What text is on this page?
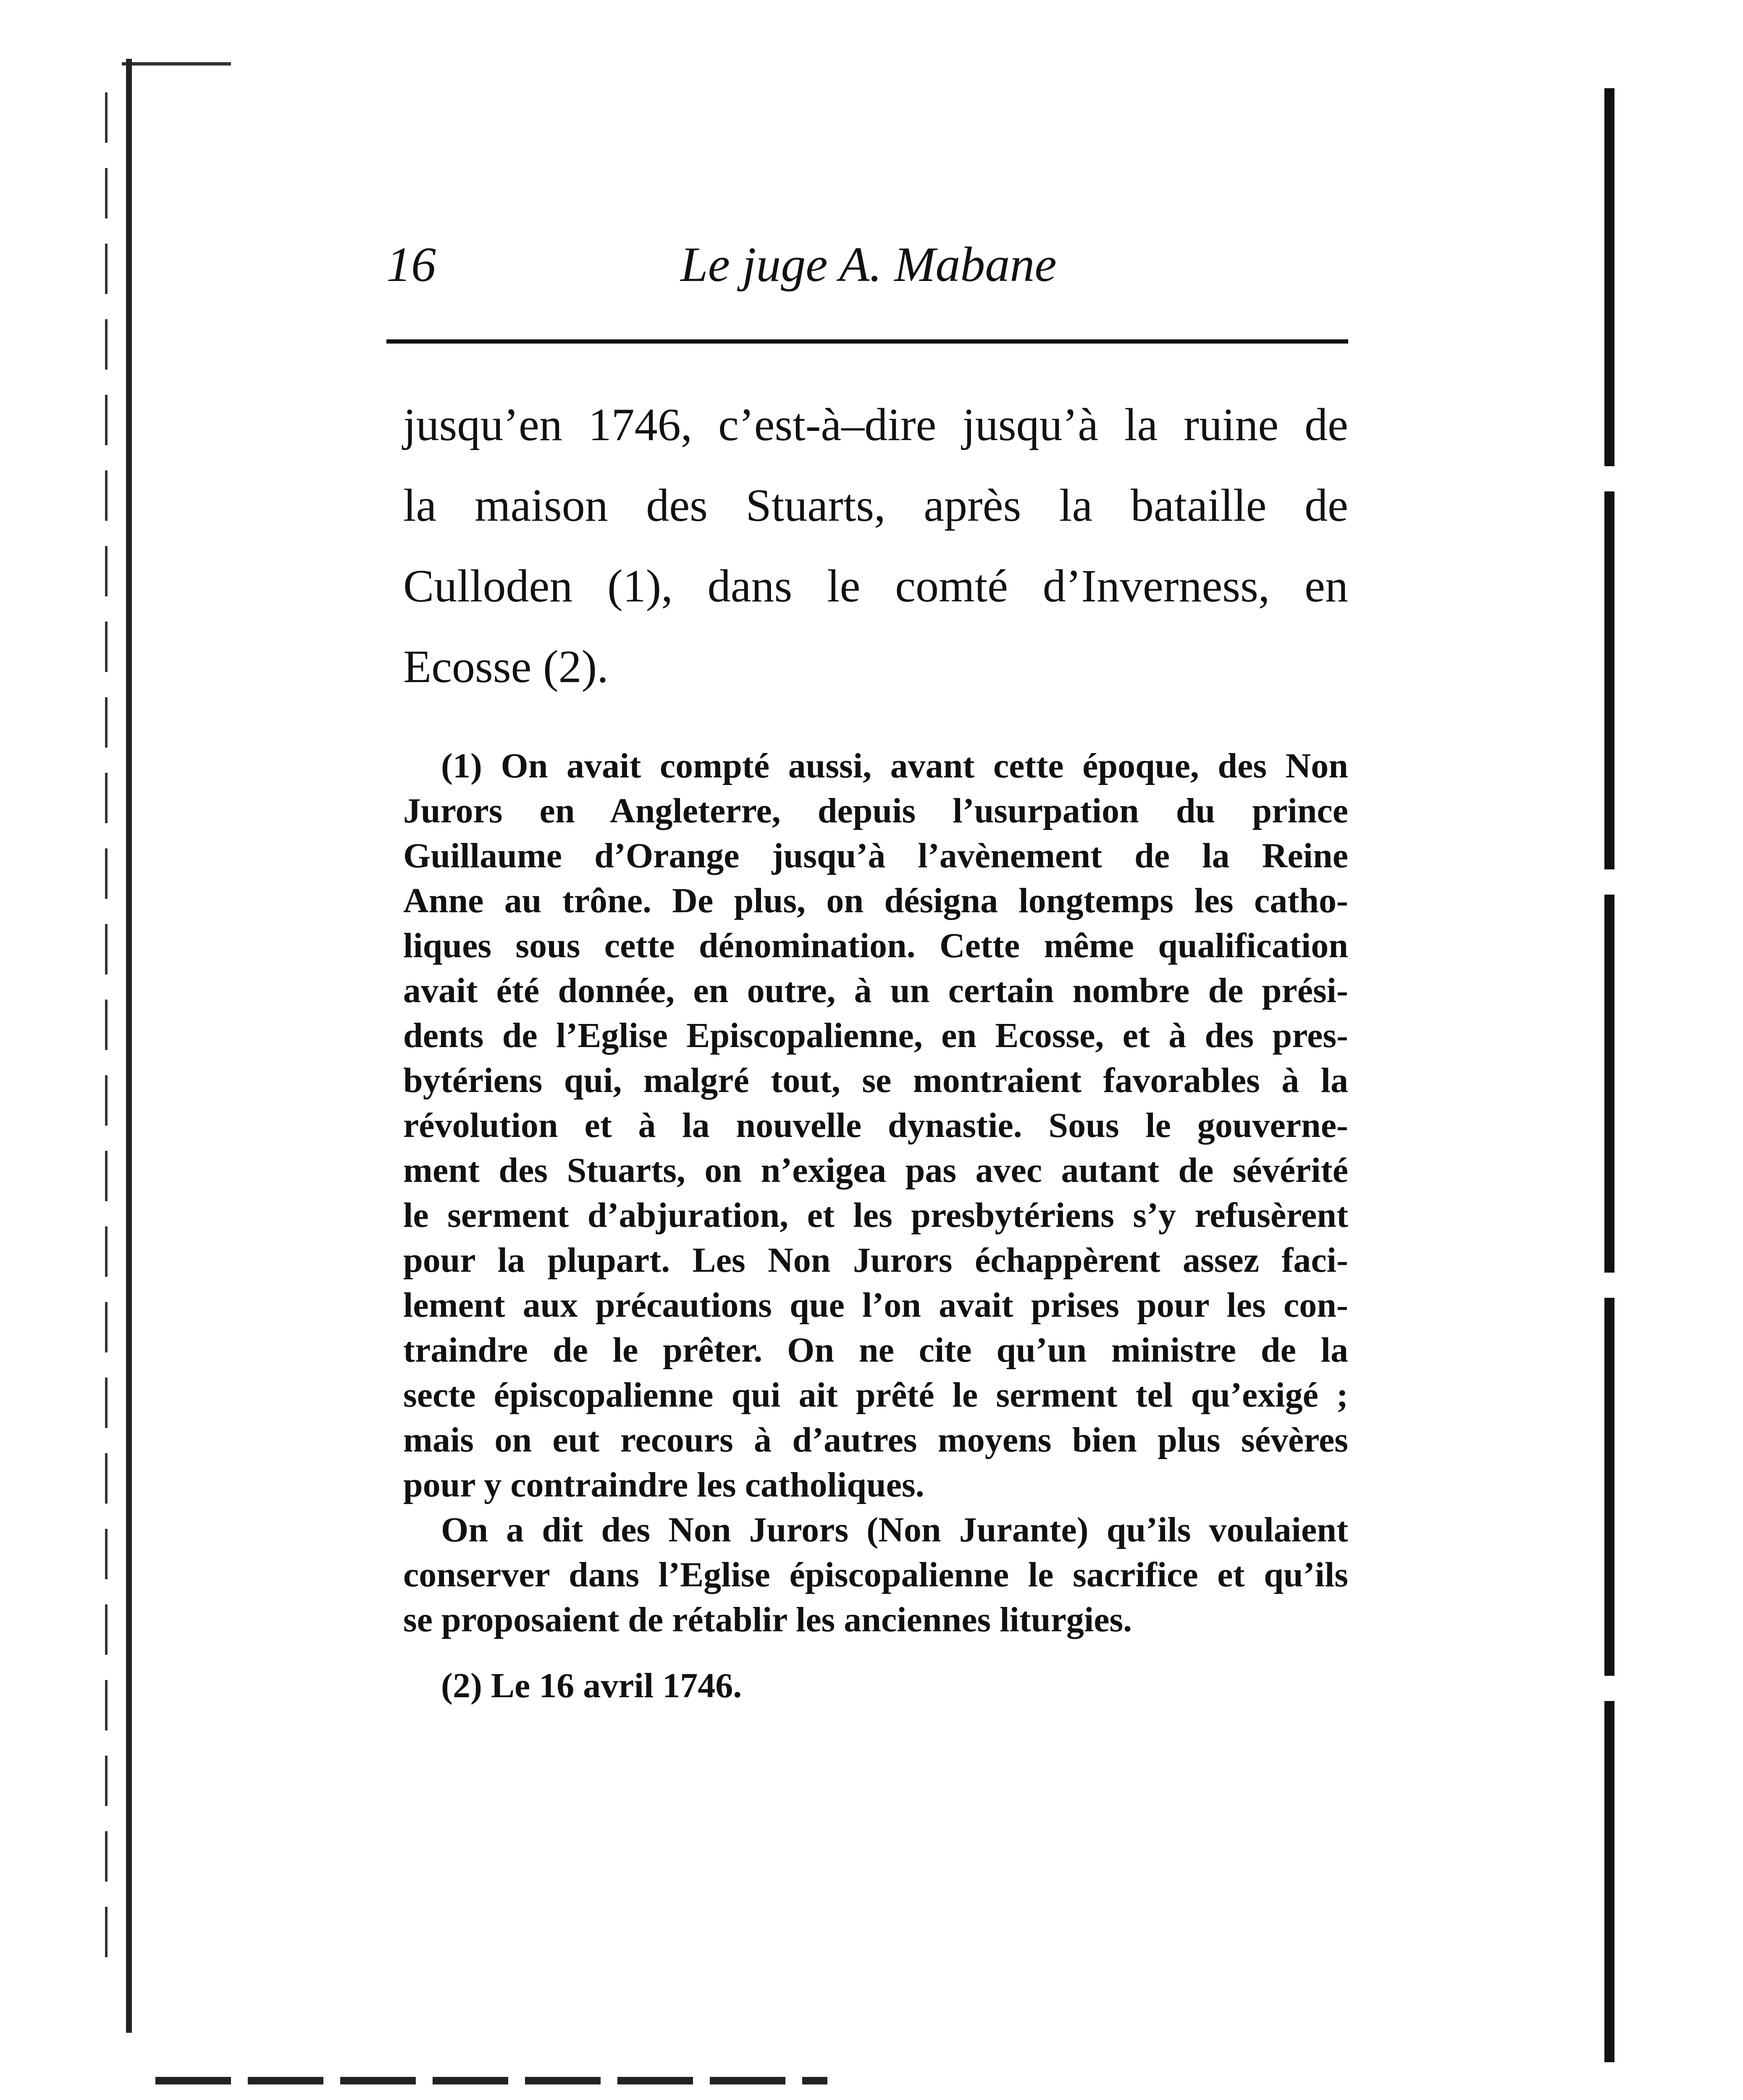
16	Le juge A. Mabane
jusqu’en 1746, c’est-à–dire jusqu’à la ruine de
la maison des Stuarts, après la bataille de
Culloden (1), dans le comté d’Inverness, en
Ecosse (2).
(1) On avait compté aussi, avant cette époque, des Non
Jurors en Angleterre, depuis l’usurpation du prince
Guillaume d’Orange jusqu’à l’avènement de la Reine
Anne au trône. De plus, on désigna longtemps les catho-
liques sous cette dénomination. Cette même qualification
avait été donnée, en outre, à un certain nombre de prési-
dents de l’Eglise Episcopalienne, en Ecosse, et à des pres-
bytériens qui, malgré tout, se montraient favorables à la
révolution et à la nouvelle dynastie. Sous le gouverne-
ment des Stuarts, on n’exigea pas avec autant de sévérité
le serment d’abjuration, et les presbytériens s’y refusèrent
pour la plupart. Les Non Jurors échappèrent assez faci-
lement aux précautions que l’on avait prises pour les con-
traindre de le prêter. On ne cite qu’un ministre de la
secte épiscopalienne qui ait prêté le serment tel qu’exigé ;
mais on eut recours à d’autres moyens bien plus sévères
pour y contraindre les catholiques.
On a dit des Non Jurors (Non Jurante) qu’ils voulaient
conserver dans l’Eglise épiscopalienne le sacrifice et qu’ils
se proposaient de rétablir les anciennes liturgies.
(2) Le 16 avril 1746.
